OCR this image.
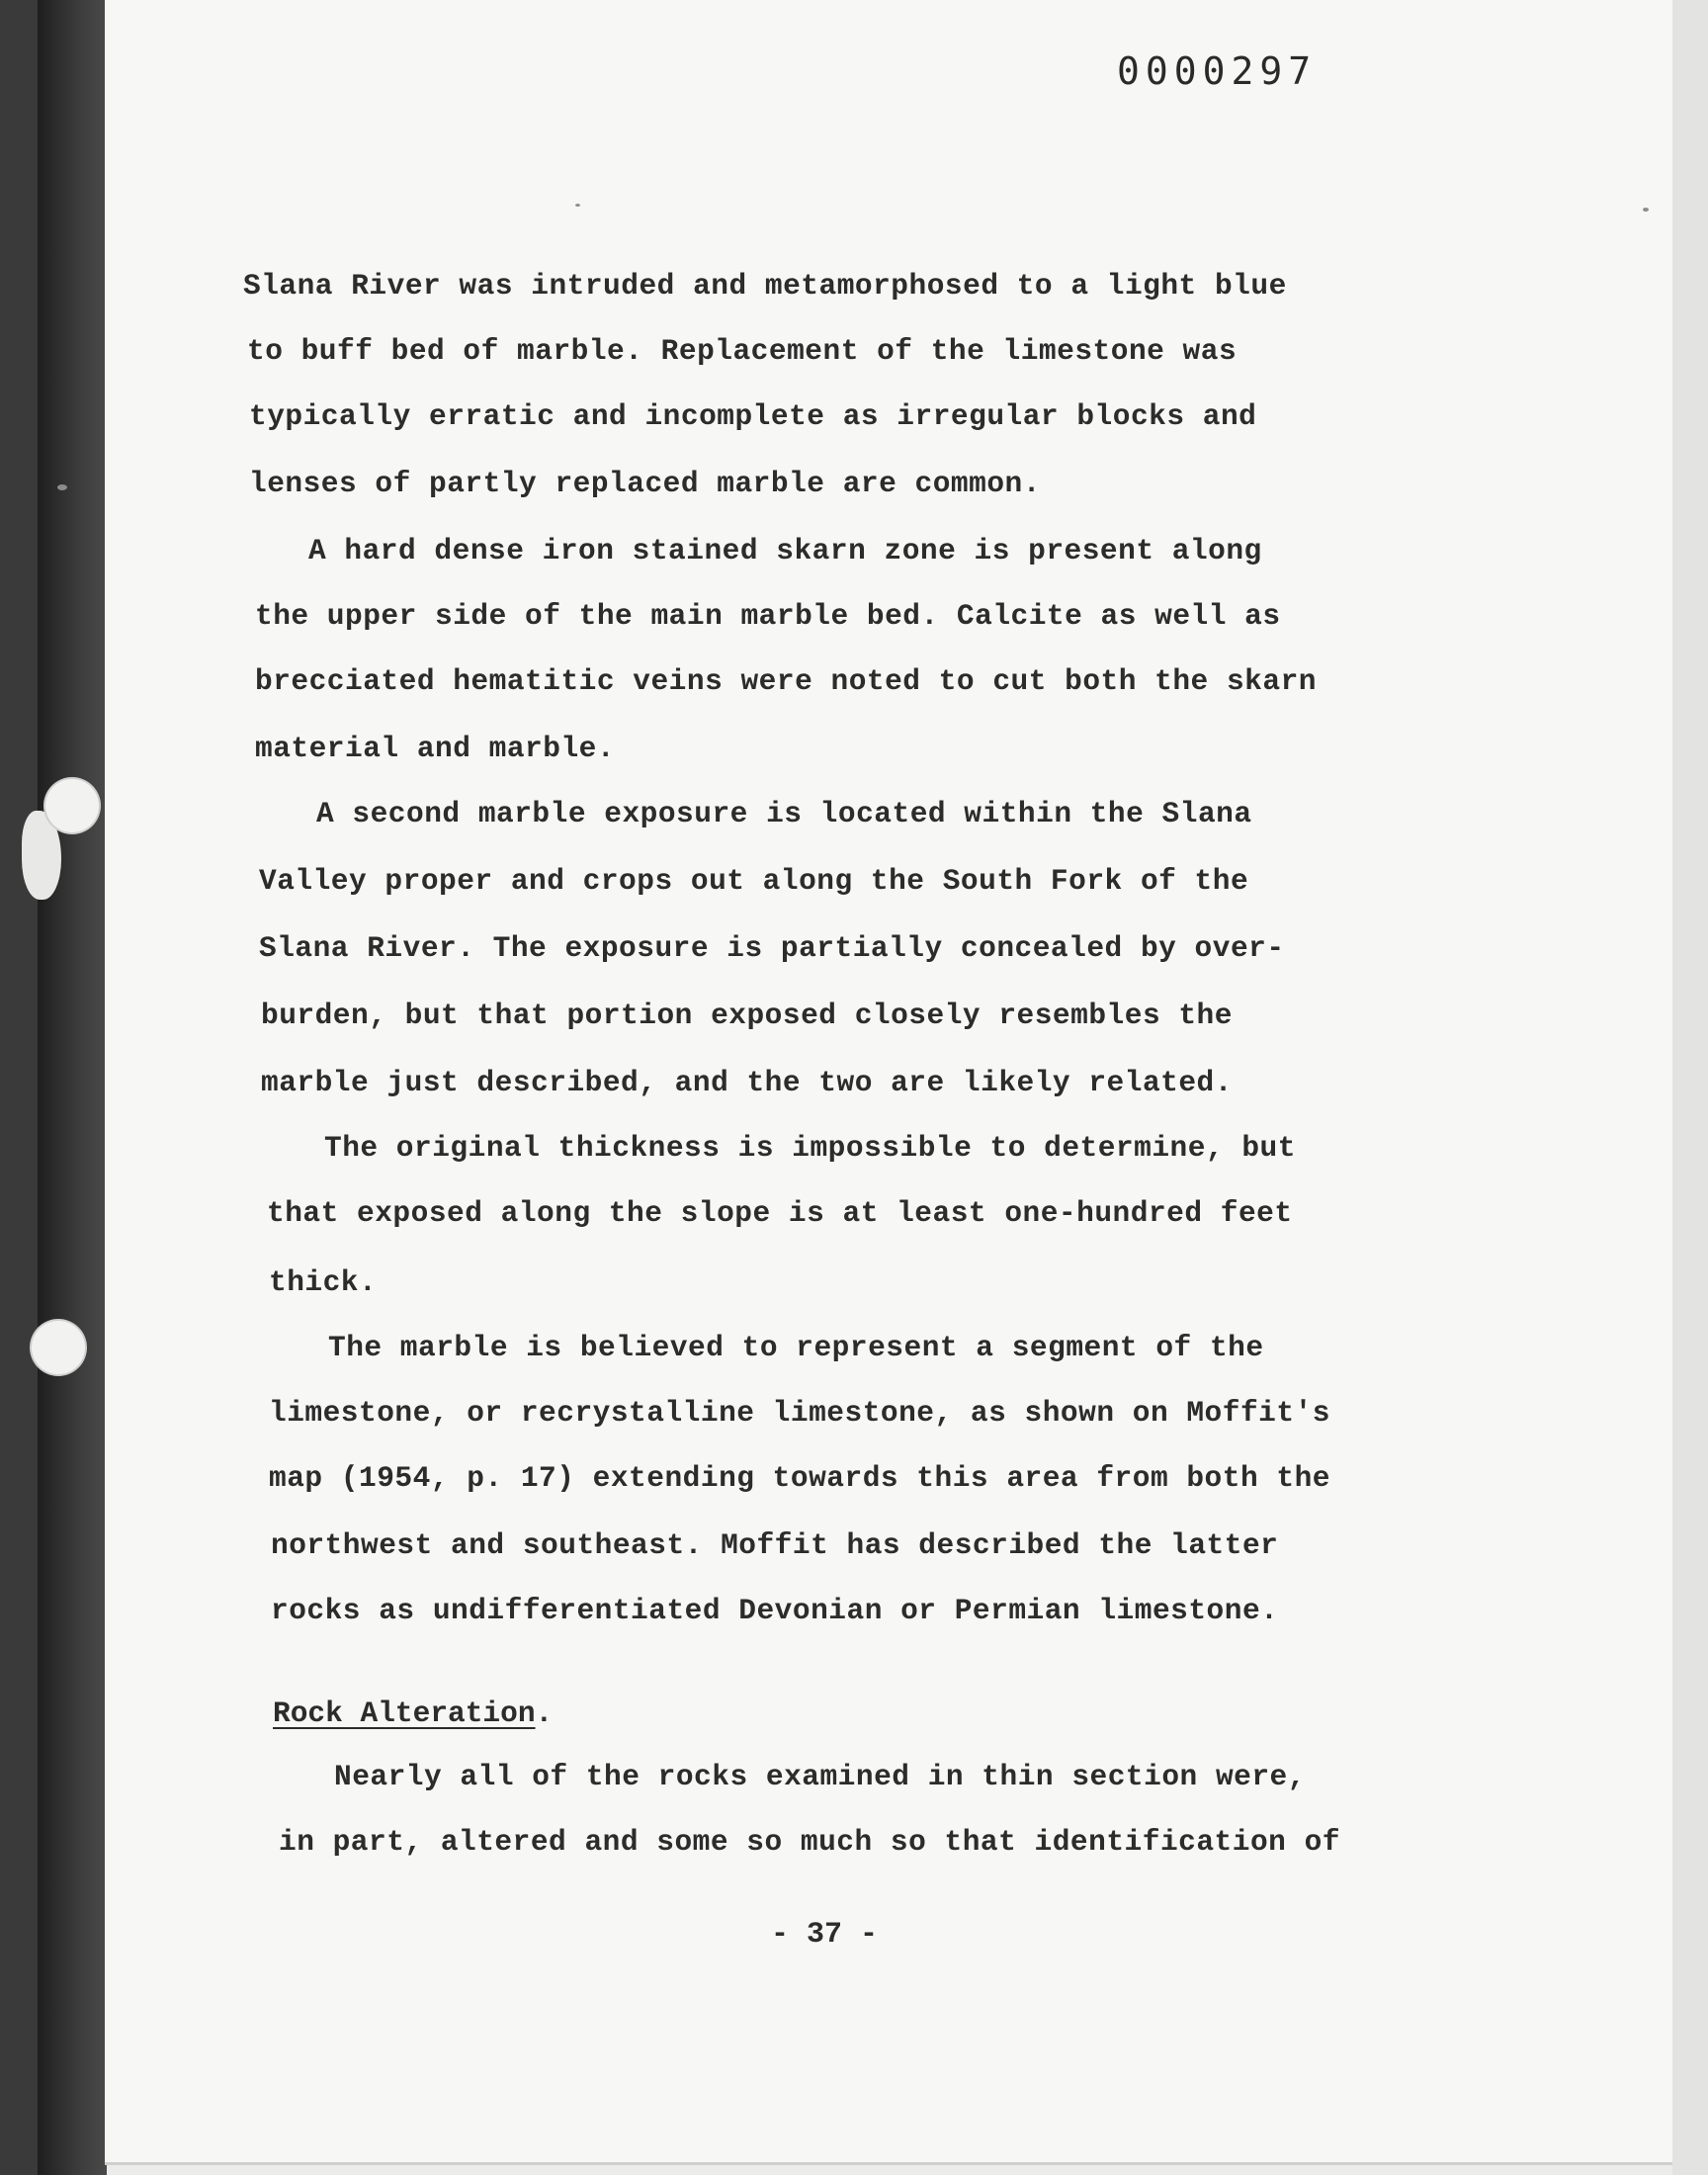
0000297
Slana River was intruded and metamorphosed to a light blue
to buff bed of marble. Replacement of the limestone was
typically erratic and incomplete as irregular blocks and
lenses of partly replaced marble are common.
A hard dense iron stained skarn zone is present along
the upper side of the main marble bed. Calcite as well as
brecciated hematitic veins were noted to cut both the skarn
material and marble.
A second marble exposure is located within the Slana
Valley proper and crops out along the South Fork of the
Slana River. The exposure is partially concealed by over-
burden, but that portion exposed closely resembles the
marble just described, and the two are likely related.
The original thickness is impossible to determine, but
that exposed along the slope is at least one-hundred feet
thick.
The marble is believed to represent a segment of the
limestone, or recrystalline limestone, as shown on Moffit's
map (1954, p. 17) extending towards this area from both the
northwest and southeast. Moffit has described the latter
rocks as undifferentiated Devonian or Permian limestone.
Rock Alteration.
Nearly all of the rocks examined in thin section were,
in part, altered and some so much so that identification of
- 37 -
